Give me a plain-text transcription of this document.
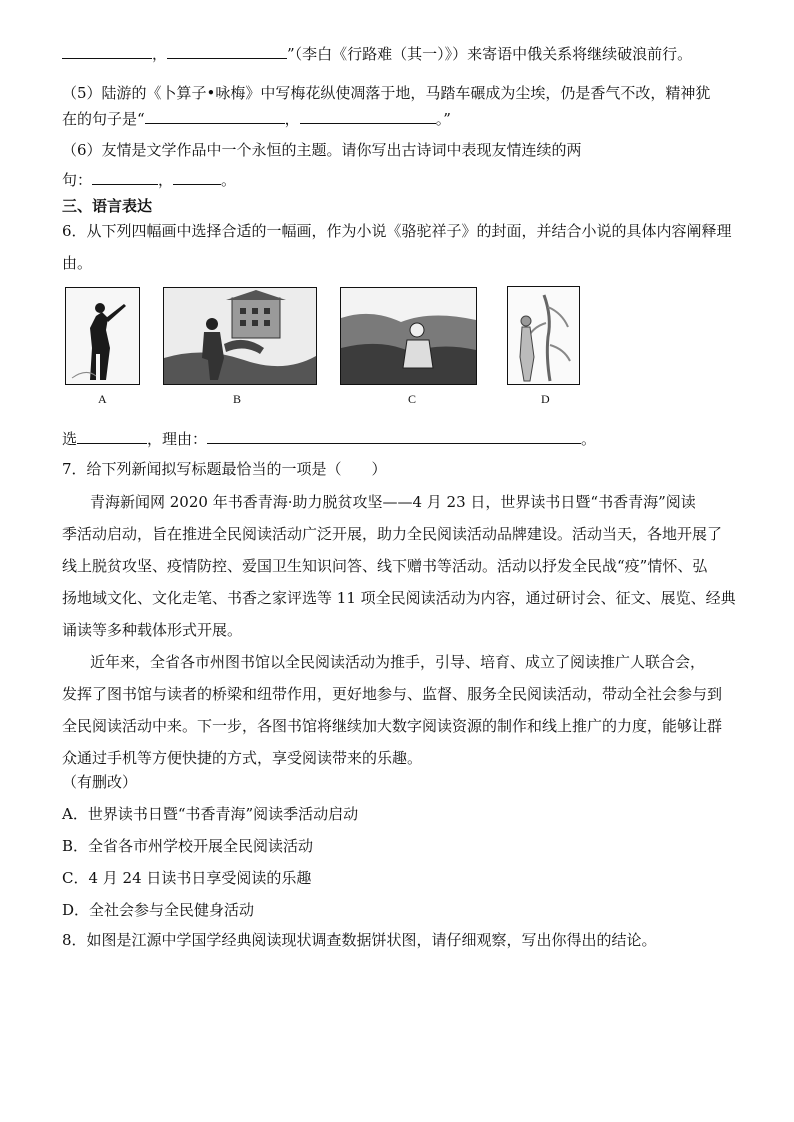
，	”（李白《行路难（其一）》）来寄语中俄关系将继续破浪前行。
（5）陆游的《卜算子•咏梅》中写梅花纵使凋落于地，马踏车碾成为尘埃，仍是香气不改，精神犹
在的句子是“	，	。”
（6）友情是文学作品中一个永恒的主题。请你写出古诗词中表现友情连续的两
句：	，	。
三、语言表达
6．从下列四幅画中选择合适的一幅画，作为小说《骆驼祥子》的封面，并结合小说的具体内容阐释理
由。
A	B	C	D
选	，理由：	。
7．给下列新闻拟写标题最恰当的一项是（　　）
青海新闻网 2020 年书香青海·助力脱贫攻坚——4 月 23 日，世界读书日暨“书香青海”阅读
季活动启动，旨在推进全民阅读活动广泛开展，助力全民阅读活动品牌建设。活动当天，各地开展了
线上脱贫攻坚、疫情防控、爱国卫生知识问答、线下赠书等活动。活动以抒发全民战“疫”情怀、弘
扬地域文化、文化走笔、书香之家评选等 11 项全民阅读活动为内容，通过研讨会、征文、展览、经典
诵读等多种载体形式开展。
近年来，全省各市州图书馆以全民阅读活动为推手，引导、培育、成立了阅读推广人联合会，
发挥了图书馆与读者的桥梁和纽带作用，更好地参与、监督、服务全民阅读活动，带动全社会参与到
全民阅读活动中来。下一步，各图书馆将继续加大数字阅读资源的制作和线上推广的力度，能够让群
众通过手机等方便快捷的方式，享受阅读带来的乐趣。
（有删改）
A．世界读书日暨“书香青海”阅读季活动启动
B．全省各市州学校开展全民阅读活动
C．4 月 24 日读书日享受阅读的乐趣
D．全社会参与全民健身活动
8．如图是江源中学国学经典阅读现状调查数据饼状图，请仔细观察，写出你得出的结论。
